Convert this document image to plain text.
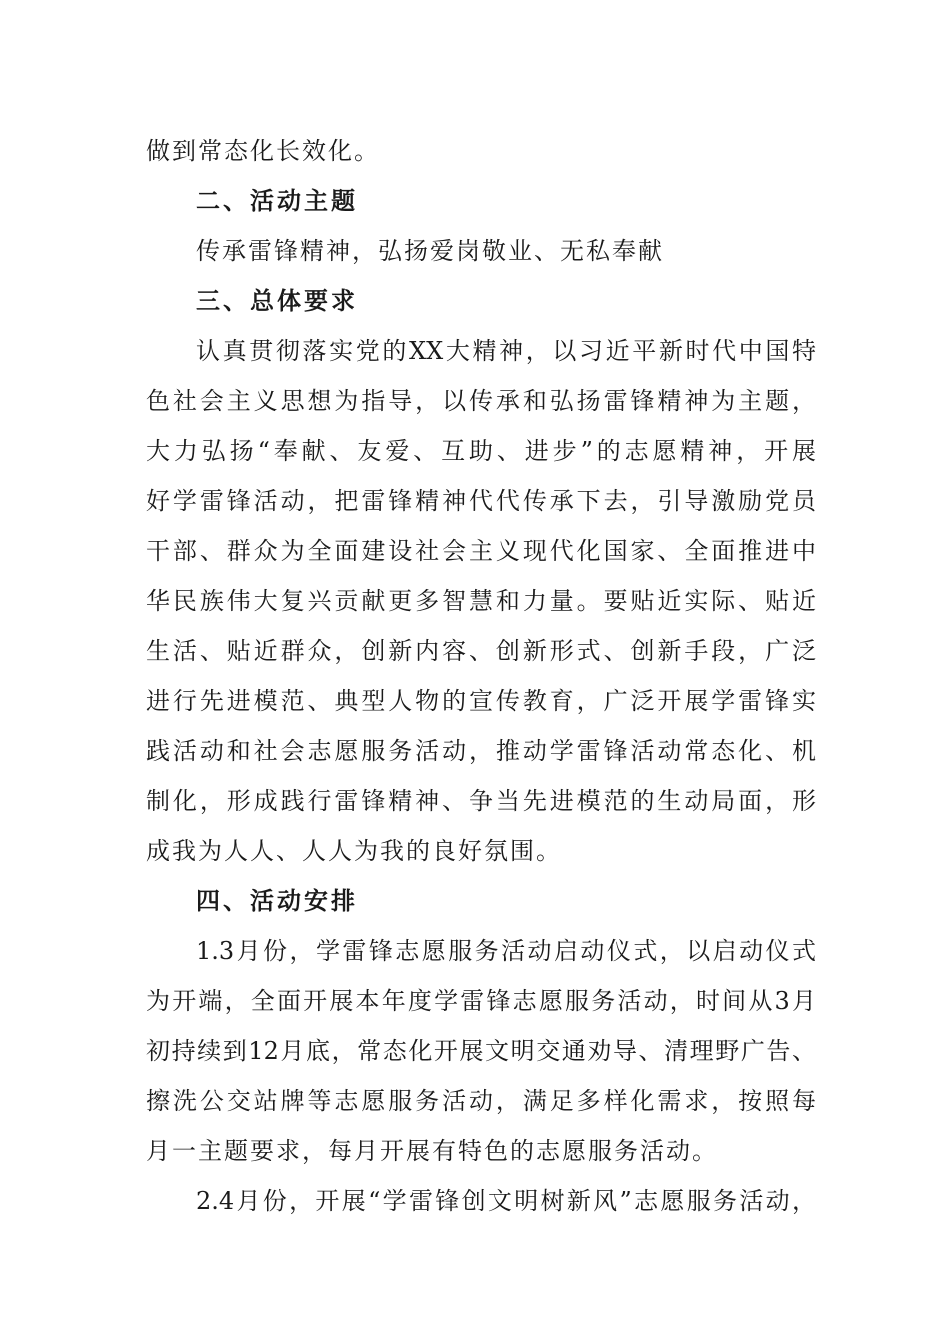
做到常态化长效化。
二、活动主题
传承雷锋精神，弘扬爱岗敬业、无私奉献
三、总体要求
认真贯彻落实党的XX大精神，以习近平新时代中国特
色社会主义思想为指导，以传承和弘扬雷锋精神为主题，
大力弘扬“奉献、友爱、互助、进步”的志愿精神，开展
好学雷锋活动，把雷锋精神代代传承下去，引导激励党员
干部、群众为全面建设社会主义现代化国家、全面推进中
华民族伟大复兴贡献更多智慧和力量。要贴近实际、贴近
生活、贴近群众，创新内容、创新形式、创新手段，广泛
进行先进模范、典型人物的宣传教育，广泛开展学雷锋实
践活动和社会志愿服务活动，推动学雷锋活动常态化、机
制化，形成践行雷锋精神、争当先进模范的生动局面，形
成我为人人、人人为我的良好氛围。
四、活动安排
1.3月份，学雷锋志愿服务活动启动仪式，以启动仪式
为开端，全面开展本年度学雷锋志愿服务活动，时间从3月
初持续到12月底，常态化开展文明交通劝导、清理野广告、
擦洗公交站牌等志愿服务活动，满足多样化需求，按照每
月一主题要求，每月开展有特色的志愿服务活动。
2.4月份，开展“学雷锋创文明树新风”志愿服务活动，
